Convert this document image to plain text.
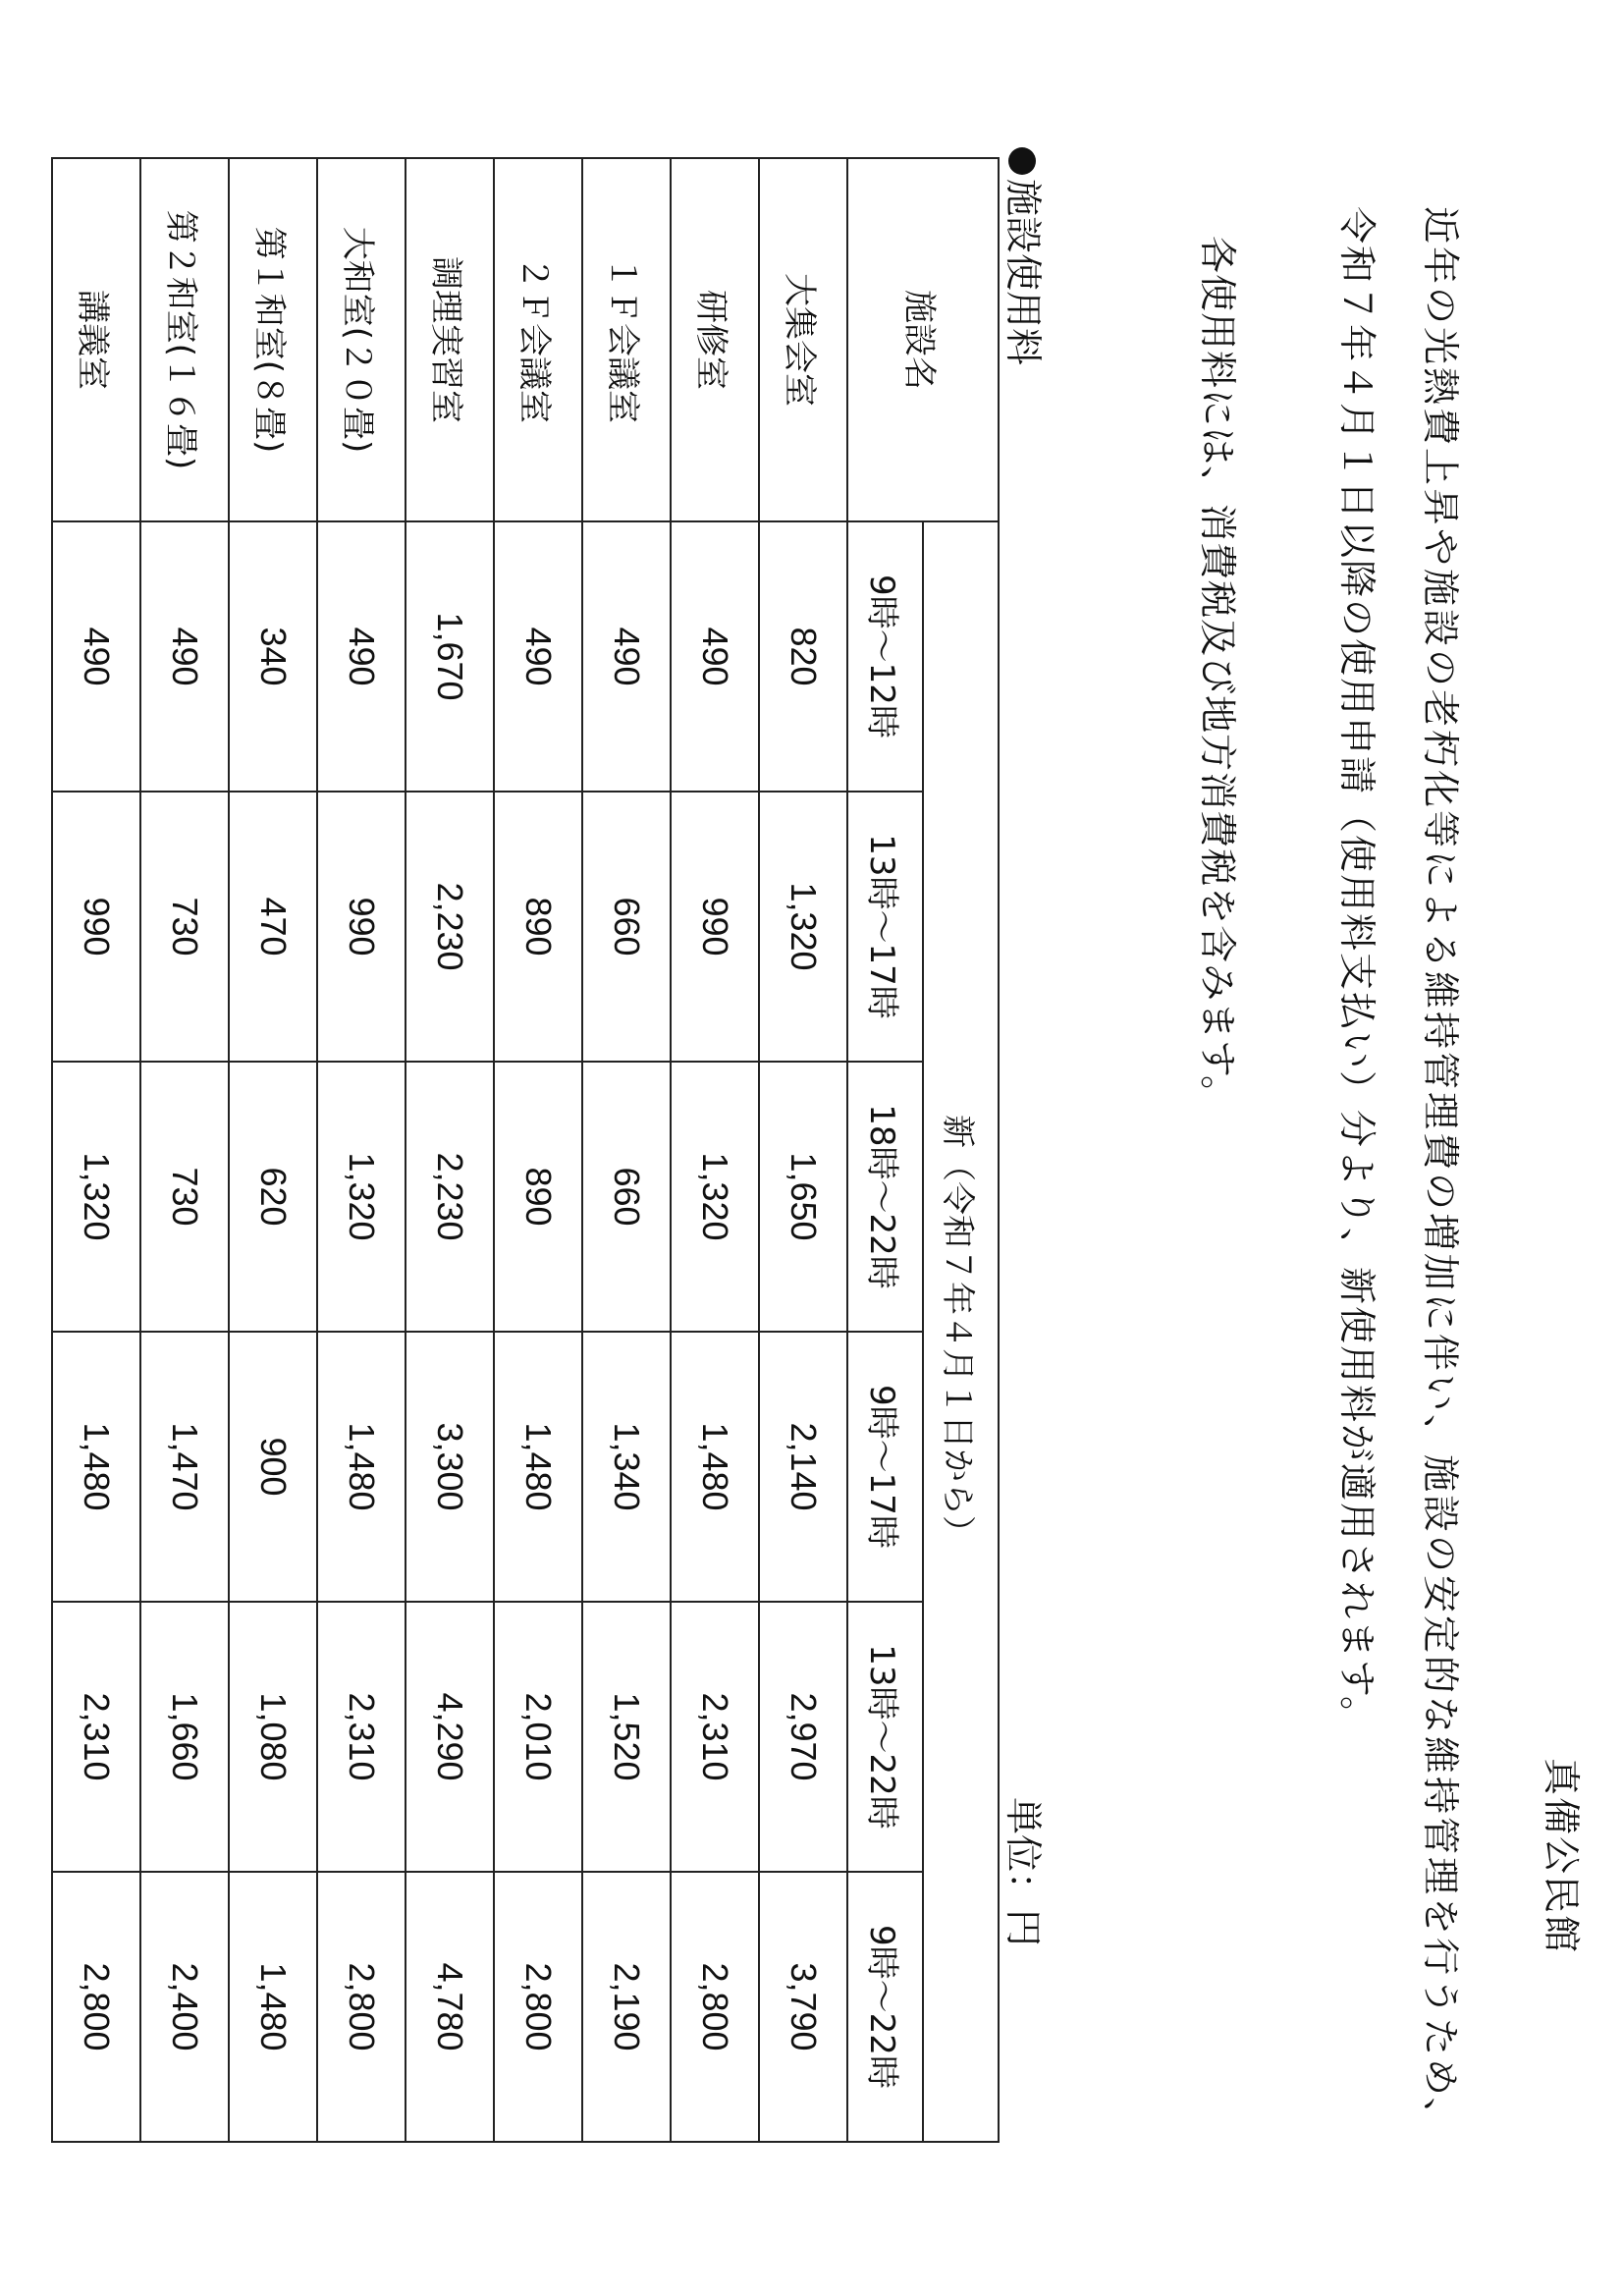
真備公民館
近年の光熱費上昇や施設の老朽化等による維持管理費の増加に伴い、施設の安定的な維持管理を行うため、
令和７年４月１日以降の使用申請（使用料支払い）分より、新使用料が適用されます。
各使用料には、消費税及び地方消費税を含みます。
施設使用料
単位：円
施設名	新（令和７年４月１日から）					
	9時～12時	13時～17時	18時～22時	9時～17時	13時～22時	9時～22時
大集会室	820	1,320	1,650	2,140	2,970	3,790
研修室	490	990	1,320	1,480	2,310	2,800
１Ｆ会議室	490	660	660	1,340	1,520	2,190
２Ｆ会議室	490	890	890	1,480	2,010	2,800
調理実習室	1,670	2,230	2,230	3,300	4,290	4,780
大和室(２０畳)	490	990	1,320	1,480	2,310	2,800
第１和室(８畳)	340	470	620	900	1,080	1,480
第２和室(１６畳)	490	730	730	1,470	1,660	2,400
講義室	490	990	1,320	1,480	2,310	2,800
